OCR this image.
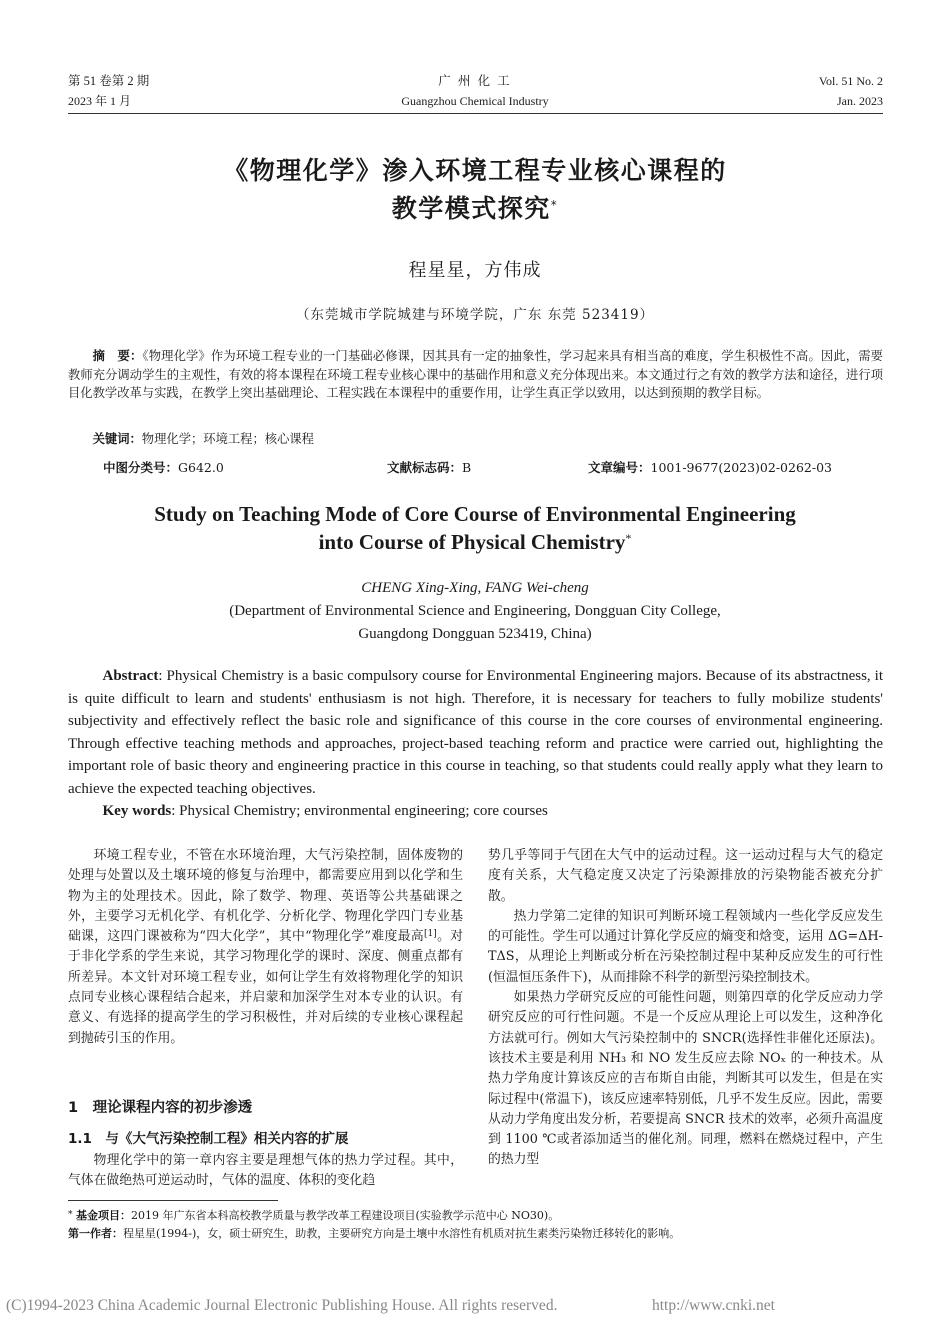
第 51 卷第 2 期
2023 年 1 月
广 州 化 工
Guangzhou Chemical Industry
Vol. 51 No. 2
Jan. 2023
《物理化学》渗入环境工程专业核心课程的
教学模式探究*
程星星，方伟成
（东莞城市学院城建与环境学院，广东 东莞 523419）
摘　要：《物理化学》作为环境工程专业的一门基础必修课，因其具有一定的抽象性，学习起来具有相当高的难度，学生积极性不高。因此，需要教师充分调动学生的主观性，有效的将本课程在环境工程专业核心课中的基础作用和意义充分体现出来。本文通过行之有效的教学方法和途径，进行项目化教学改革与实践，在教学上突出基础理论、工程实践在本课程中的重要作用，让学生真正学以致用，以达到预期的教学目标。
关键词：物理化学；环境工程；核心课程
中图分类号：G642.0	文献标志码：B	文章编号：1001-9677(2023)02-0262-03
Study on Teaching Mode of Core Course of Environmental Engineering
into Course of Physical Chemistry*
CHENG Xing-Xing, FANG Wei-cheng
(Department of Environmental Science and Engineering, Dongguan City College,
Guangdong Dongguan 523419, China)
Abstract: Physical Chemistry is a basic compulsory course for Environmental Engineering majors. Because of its abstractness, it is quite difficult to learn and students' enthusiasm is not high. Therefore, it is necessary for teachers to fully mobilize students' subjectivity and effectively reflect the basic role and significance of this course in the core courses of environmental engineering. Through effective teaching methods and approaches, project-based teaching reform and practice were carried out, highlighting the important role of basic theory and engineering practice in this course in teaching, so that students could really apply what they learn to achieve the expected teaching objectives.
Key words: Physical Chemistry; environmental engineering; core courses

环境工程专业，不管在水环境治理，大气污染控制，固体废物的处理与处置以及土壤环境的修复与治理中，都需要应用到以化学和生物为主的处理技术。因此，除了数学、物理、英语等公共基础课之外，主要学习无机化学、有机化学、分析化学、物理化学四门专业基础课，这四门课被称为“四大化学”，其中“物理化学”难度最高[1]。对于非化学系的学生来说，其学习物理化学的课时、深度、侧重点都有所差异。本文针对环境工程专业，如何让学生有效将物理化学的知识点同专业核心课程结合起来，并启蒙和加深学生对本专业的认识。有意义、有选择的提高学生的学习积极性，并对后续的专业核心课程起到抛砖引玉的作用。

1　理论课程内容的初步渗透
1.1　与《大气污染控制工程》相关内容的扩展

物理化学中的第一章内容主要是理想气体的热力学过程。其中，气体在做绝热可逆运动时，气体的温度、体积的变化趋

势几乎等同于气团在大气中的运动过程。这一运动过程与大气的稳定度有关系，大气稳定度又决定了污染源排放的污染物能否被充分扩散。

热力学第二定律的知识可判断环境工程领域内一些化学反应发生的可能性。学生可以通过计算化学反应的熵变和焓变，运用 ΔG=ΔH-TΔS，从理论上判断或分析在污染控制过程中某种反应发生的可行性(恒温恒压条件下)，从而排除不科学的新型污染控制技术。

如果热力学研究反应的可能性问题，则第四章的化学反应动力学研究反应的可行性问题。不是一个反应从理论上可以发生，这种净化方法就可行。例如大气污染控制中的 SNCR(选择性非催化还原法)。该技术主要是利用 NH₃ 和 NO 发生反应去除 NOₓ 的一种技术。从热力学角度计算该反应的吉布斯自由能，判断其可以发生，但是在实际过程中(常温下)，该反应速率特别低，几乎不发生反应。因此，需要从动力学角度出发分析，若要提高 SNCR 技术的效率，必须升高温度到 1100 ℃或者添加适当的催化剂。同理，燃料在燃烧过程中，产生的热力型

* 基金项目：2019 年广东省本科高校教学质量与教学改革工程建设项目(实验教学示范中心 NO30)。
第一作者：程星星(1994-)，女，硕士研究生，助教，主要研究方向是土壤中水溶性有机质对抗生素类污染物迁移转化的影响。
(C)1994-2023 China Academic Journal Electronic Publishing House. All rights reserved.	http://www.cnki.net
